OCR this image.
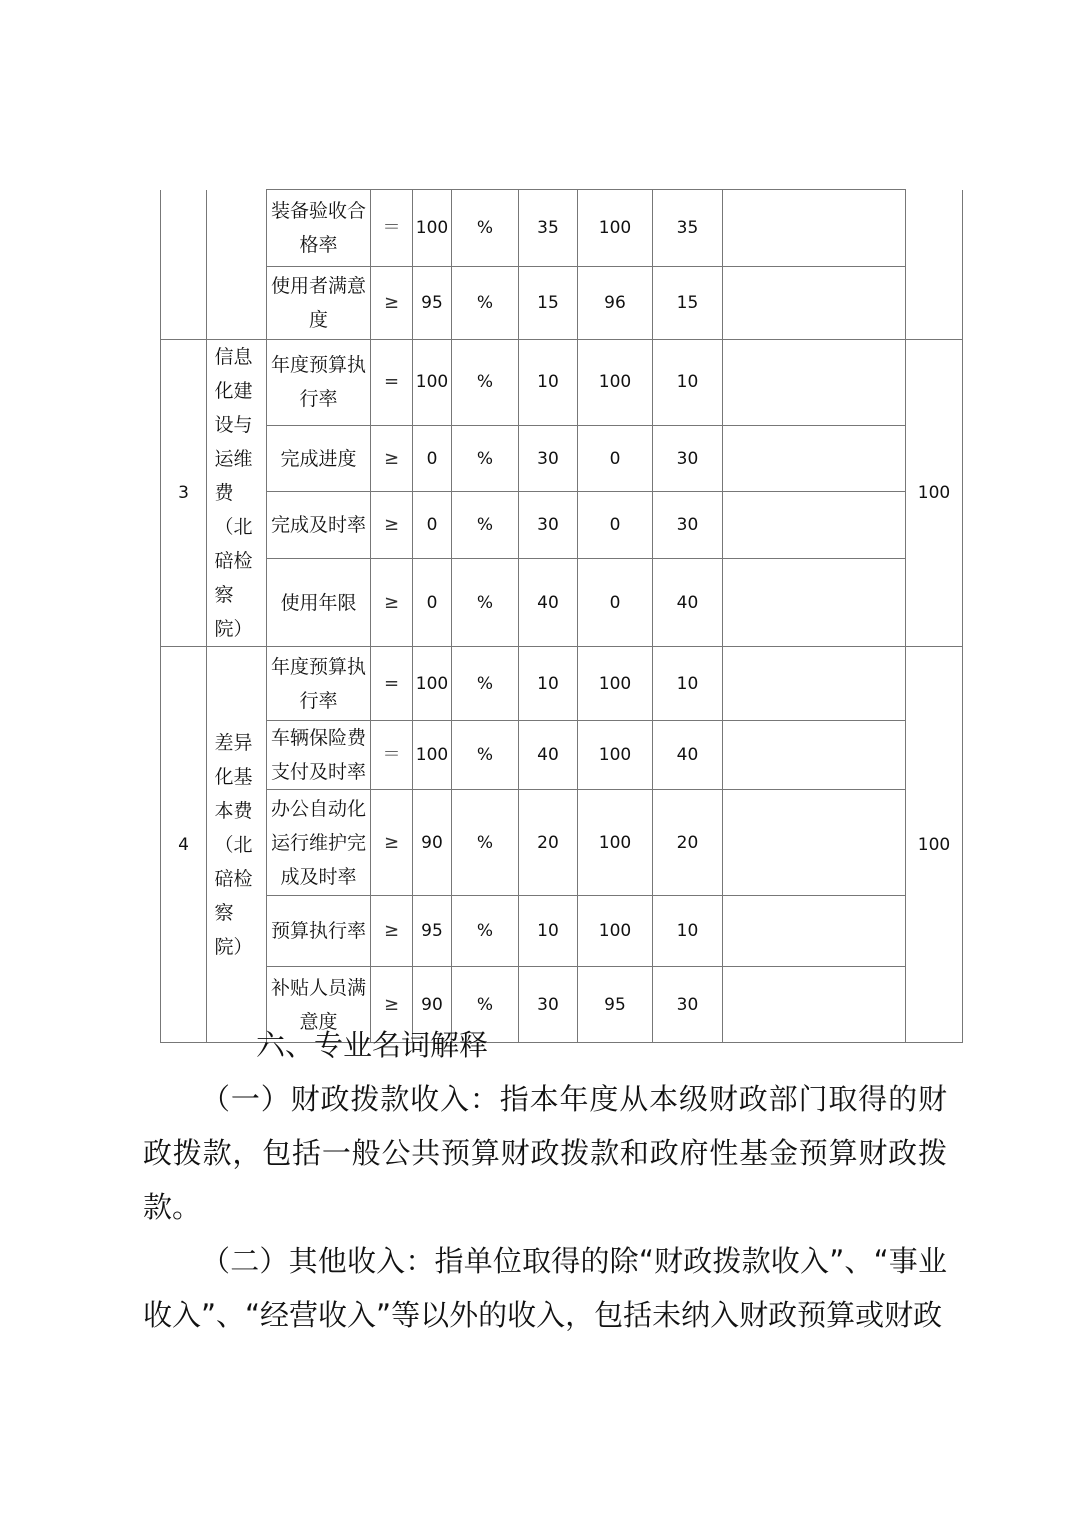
		装备验收合格率	＝	100	%	35	100	35		
		使用者满意度	≥	95	%	15	96	15		
3	信息化建设与运维费（北碚检察院）	年度预算执行率	=	100	%	10	100	10		100
		完成进度	≥	0	%	30	0	30		
		完成及时率	≥	0	%	30	0	30		
		使用年限	≥	0	%	40	0	40		
4	差异化基本费（北碚检察院）	年度预算执行率	=	100	%	10	100	10		100
		车辆保险费支付及时率	＝	100	%	40	100	40		
		办公自动化运行维护完成及时率	≥	90	%	20	100	20		
		预算执行率	≥	95	%	10	100	10		
		补贴人员满意度	≥	90	%	30	95	30		
六、专业名词解释

（一）财政拨款收入：指本年度从本级财政部门取得的财政拨款，包括一般公共预算财政拨款和政府性基金预算财政拨款。

（二）其他收入：指单位取得的除“财政拨款收入”、“事业收入”、“经营收入”等以外的收入，包括未纳入财政预算或财政
